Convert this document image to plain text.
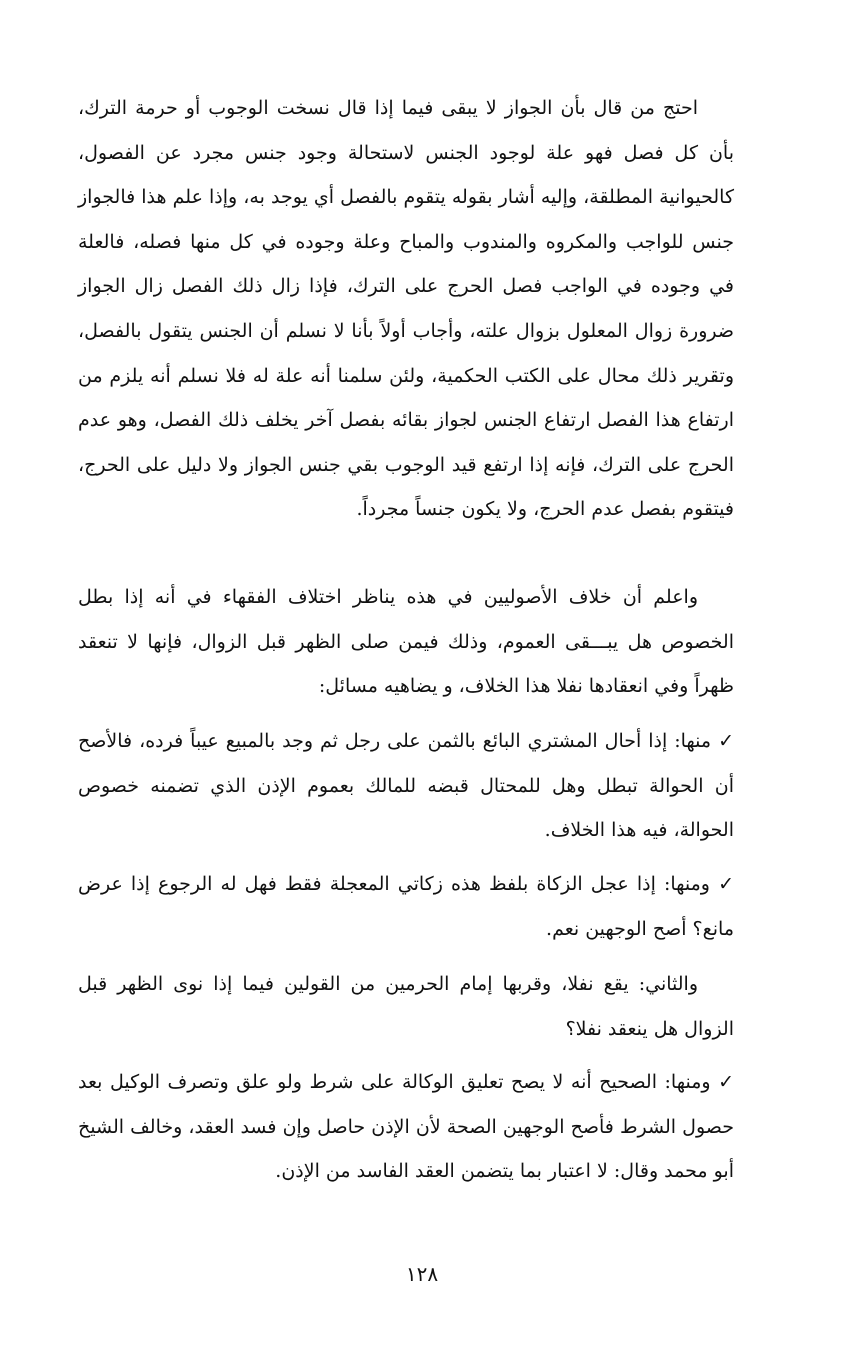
احتج من قال بأن الجواز لا يبقى فيما إذا قال نسخت الوجوب أو حرمة الترك، بأن كل فصل فهو علة لوجود الجنس لاستحالة وجود جنس مجرد عن الفصول، كالحيوانية المطلقة، وإليه أشار بقوله يتقوم بالفصل أي يوجد به، وإذا علم هذا فالجواز جنس للواجب والمكروه والمندوب والمباح وعلة وجوده في كل منها فصله، فالعلة في وجوده في الواجب فصل الحرج على الترك، فإذا زال ذلك الفصل زال الجواز ضرورة زوال المعلول بزوال علته، وأجاب أولاً بأنا لا نسلم أن الجنس يتقول بالفصل، وتقرير ذلك محال على الكتب الحكمية، ولئن سلمنا أنه علة له فلا نسلم أنه يلزم من ارتفاع هذا الفصل ارتفاع الجنس لجواز بقائه بفصل آخر يخلف ذلك الفصل، وهو عدم الحرج على الترك، فإنه إذا ارتفع قيد الوجوب بقي جنس الجواز ولا دليل على الحرج، فيتقوم بفصل عدم الحرج، ولا يكون جنساً مجرداً.

واعلم أن خلاف الأصوليين في هذه يناظر اختلاف الفقهاء في أنه إذا بطل الخصوص هل يبـــقى العموم، وذلك فيمن صلى الظهر قبل الزوال، فإنها لا تنعقد ظهراً وفي انعقادها نفلا هذا الخلاف، و يضاهيه مسائل:

✓ منها: إذا أحال المشتري البائع بالثمن على رجل ثم وجد بالمبيع عيباً فرده، فالأصح أن الحوالة تبطل وهل للمحتال قبضه للمالك بعموم الإذن الذي تضمنه خصوص الحوالة، فيه هذا الخلاف.

✓ ومنها: إذا عجل الزكاة بلفظ هذه زكاتي المعجلة فقط فهل له الرجوع إذا عرض مانع؟ أصح الوجهين نعم.

والثاني: يقع نفلا، وقربها إمام الحرمين من القولين فيما إذا نوى الظهر قبل الزوال هل ينعقد نفلا؟

✓ ومنها: الصحيح أنه لا يصح تعليق الوكالة على شرط ولو علق وتصرف الوكيل بعد حصول الشرط فأصح الوجهين الصحة لأن الإذن حاصل وإن فسد العقد، وخالف الشيخ أبو محمد وقال: لا اعتبار بما يتضمن العقد الفاسد من الإذن.

١٢٨
